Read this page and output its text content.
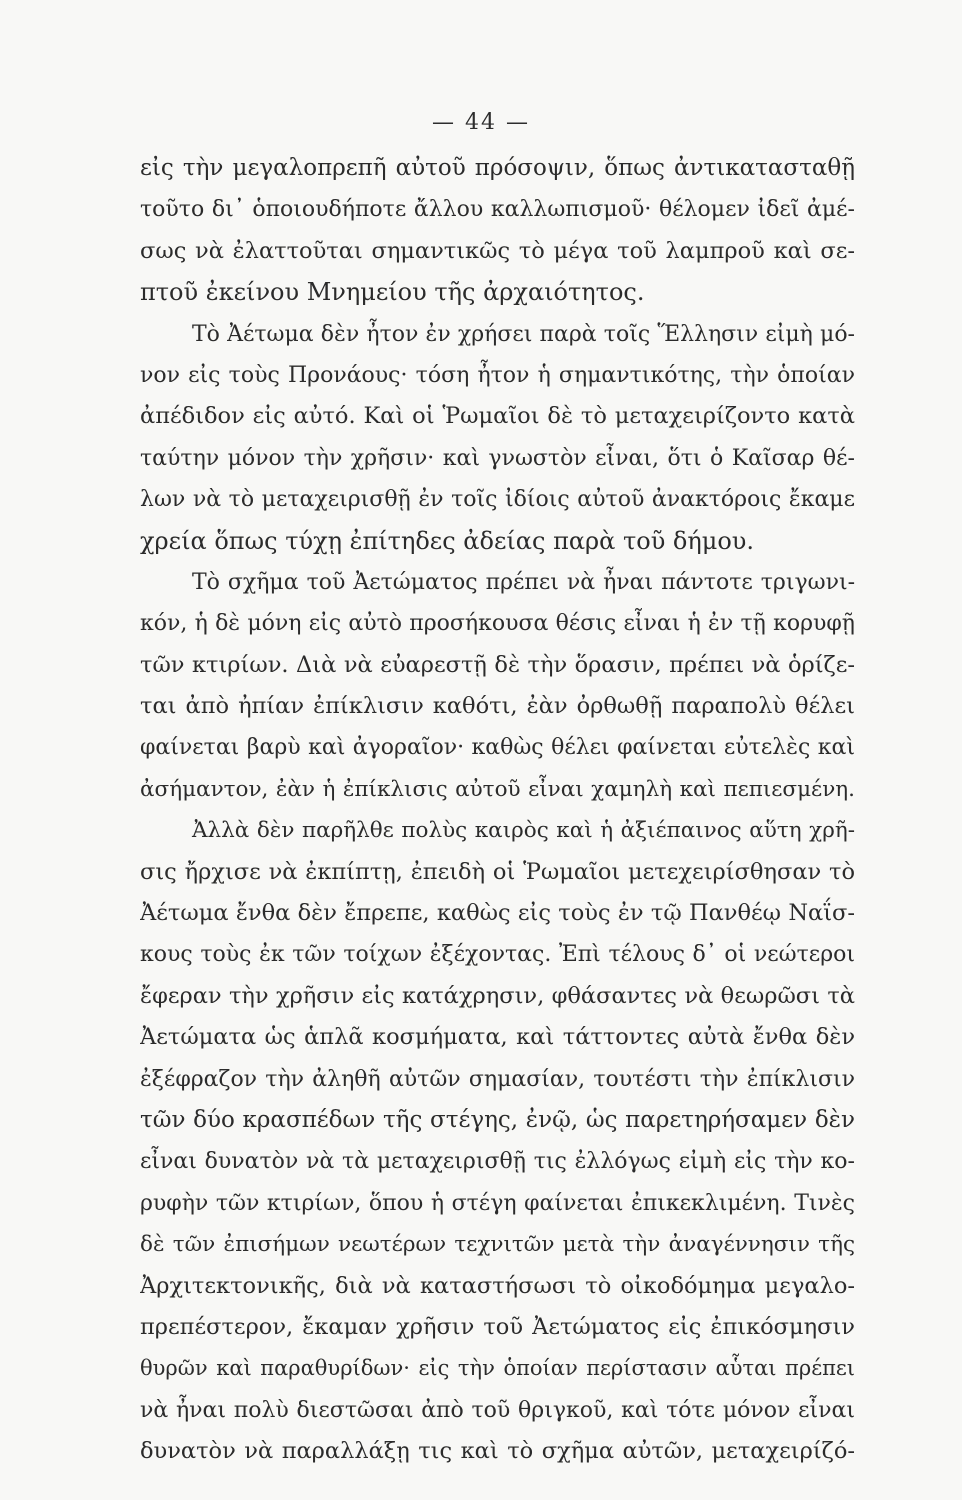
— 44 —
εἰς τὴν μεγαλοπρεπῆ αὐτοῦ πρόσοψιν, ὅπως ἀντικατασταθῇ
τοῦτο δι᾽ ὁποιουδήποτε ἄλλου καλλωπισμοῦ· θέλομεν ἰδεῖ ἀμέ-
σως νὰ ἐλαττοῦται σημαντικῶς τὸ μέγα τοῦ λαμπροῦ καὶ σε-
πτοῦ ἐκείνου Μνημείου τῆς ἀρχαιότητος.
Τὸ Ἀέτωμα δὲν ἦτον ἐν χρήσει παρὰ τοῖς Ἕλλησιν εἰμὴ μό-
νον εἰς τοὺς Προνάους· τόση ἦτον ἡ σημαντικότης, τὴν ὁποίαν
ἀπέδιδον εἰς αὐτό. Καὶ οἱ Ῥωμαῖοι δὲ τὸ μεταχειρίζοντο κατὰ
ταύτην μόνον τὴν χρῆσιν· καὶ γνωστὸν εἶναι, ὅτι ὁ Καῖσαρ θέ-
λων νὰ τὸ μεταχειρισθῇ ἐν τοῖς ἰδίοις αὐτοῦ ἀνακτόροις ἔκαμε
χρεία ὅπως τύχῃ ἐπίτηδες ἀδείας παρὰ τοῦ δήμου.
Τὸ σχῆμα τοῦ Ἀετώματος πρέπει νὰ ἦναι πάντοτε τριγωνι-
κόν, ἡ δὲ μόνη εἰς αὐτὸ προσήκουσα θέσις εἶναι ἡ ἐν τῇ κορυφῇ
τῶν κτιρίων. Διὰ νὰ εὐαρεστῇ δὲ τὴν ὅρασιν, πρέπει νὰ ὁρίζε-
ται ἀπὸ ἠπίαν ἐπίκλισιν καθότι, ἐὰν ὀρθωθῇ παραπολὺ θέλει
φαίνεται βαρὺ καὶ ἀγοραῖον· καθὼς θέλει φαίνεται εὐτελὲς καὶ
ἀσήμαντον, ἐὰν ἡ ἐπίκλισις αὐτοῦ εἶναι χαμηλὴ καὶ πεπιεσμένη.
Ἀλλὰ δὲν παρῆλθε πολὺς καιρὸς καὶ ἡ ἀξιέπαινος αὕτη χρῆ-
σις ἤρχισε νὰ ἐκπίπτῃ, ἐπειδὴ οἱ Ῥωμαῖοι μετεχειρίσθησαν τὸ
Ἀέτωμα ἔνθα δὲν ἔπρεπε, καθὼς εἰς τοὺς ἐν τῷ Πανθέῳ Ναΐσ-
κους τοὺς ἐκ τῶν τοίχων ἐξέχοντας. Ἐπὶ τέλους δ᾽ οἱ νεώτεροι
ἔφεραν τὴν χρῆσιν εἰς κατάχρησιν, φθάσαντες νὰ θεωρῶσι τὰ
Ἀετώματα ὡς ἁπλᾶ κοσμήματα, καὶ τάττοντες αὐτὰ ἔνθα δὲν
ἐξέφραζον τὴν ἀληθῆ αὐτῶν σημασίαν, τουτέστι τὴν ἐπίκλισιν
τῶν δύο κρασπέδων τῆς στέγης, ἐνῷ, ὡς παρετηρήσαμεν δὲν
εἶναι δυνατὸν νὰ τὰ μεταχειρισθῇ τις ἐλλόγως εἰμὴ εἰς τὴν κο-
ρυφὴν τῶν κτιρίων, ὅπου ἡ στέγη φαίνεται ἐπικεκλιμένη. Τινὲς
δὲ τῶν ἐπισήμων νεωτέρων τεχνιτῶν μετὰ τὴν ἀναγέννησιν τῆς
Ἀρχιτεκτονικῆς, διὰ νὰ καταστήσωσι τὸ οἰκοδόμημα μεγαλο-
πρεπέστερον, ἔκαμαν χρῆσιν τοῦ Ἀετώματος εἰς ἐπικόσμησιν
θυρῶν καὶ παραθυρίδων· εἰς τὴν ὁποίαν περίστασιν αὗται πρέπει
νὰ ἦναι πολὺ διεστῶσαι ἀπὸ τοῦ θριγκοῦ, καὶ τότε μόνον εἶναι
δυνατὸν νὰ παραλλάξῃ τις καὶ τὸ σχῆμα αὐτῶν, μεταχειρίζό-
